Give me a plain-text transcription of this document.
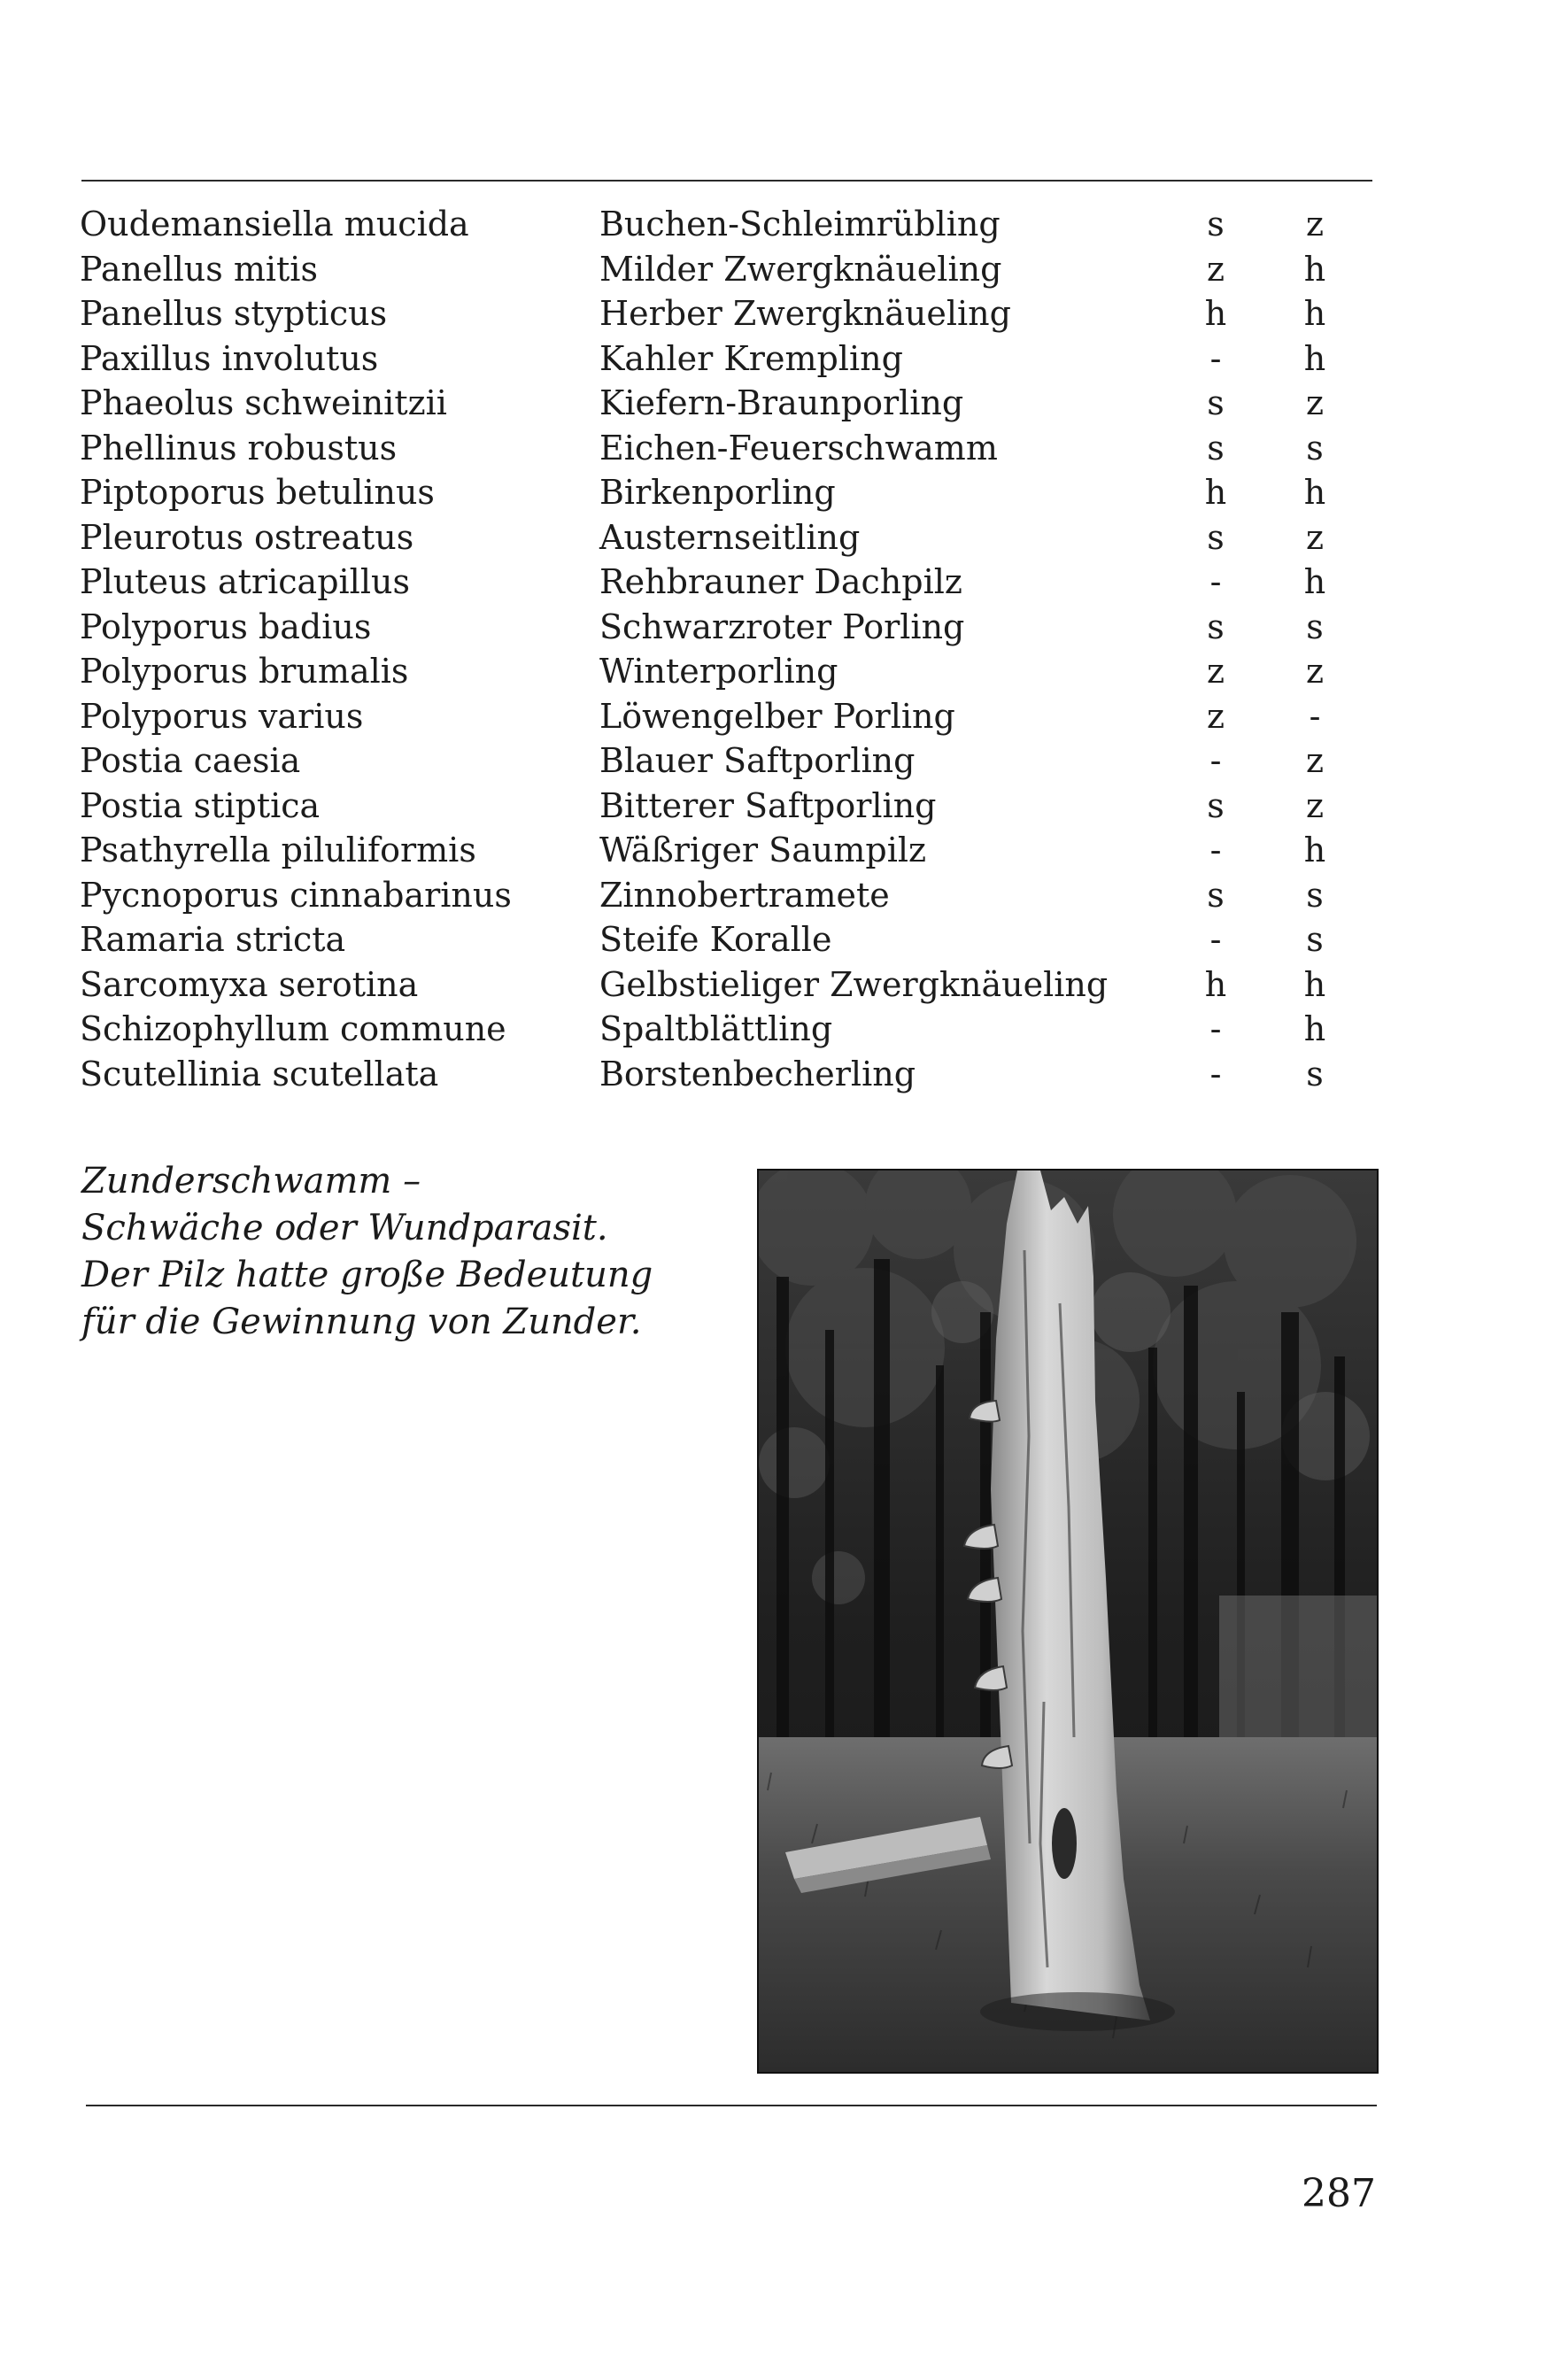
Oudemansiella mucida	Buchen-Schleimrübling	s	z
Panellus mitis	Milder Zwergknäueling	z	h
Panellus stypticus	Herber Zwergknäueling	h	h
Paxillus involutus	Kahler Krempling	-	h
Phaeolus schweinitzii	Kiefern-Braunporling	s	z
Phellinus robustus	Eichen-Feuerschwamm	s	s
Piptoporus betulinus	Birkenporling	h	h
Pleurotus ostreatus	Austernseitling	s	z
Pluteus atricapillus	Rehbrauner Dachpilz	-	h
Polyporus badius	Schwarzroter Porling	s	s
Polyporus brumalis	Winterporling	z	z
Polyporus varius	Löwengelber Porling	z	-
Postia caesia	Blauer Saftporling	-	z
Postia stiptica	Bitterer Saftporling	s	z
Psathyrella piluliformis	Wäßriger Saumpilz	-	h
Pycnoporus cinnabarinus	Zinnobertramete	s	s
Ramaria stricta	Steife Koralle	-	s
Sarcomyxa serotina	Gelbstieliger Zwergknäueling	h	h
Schizophyllum commune	Spaltblättling	-	h
Scutellinia scutellata	Borstenbecherling	-	s
Zunderschwamm –
Schwäche oder Wundparasit.
Der Pilz hatte große Bedeutung
für die Gewinnung von Zunder.
287
